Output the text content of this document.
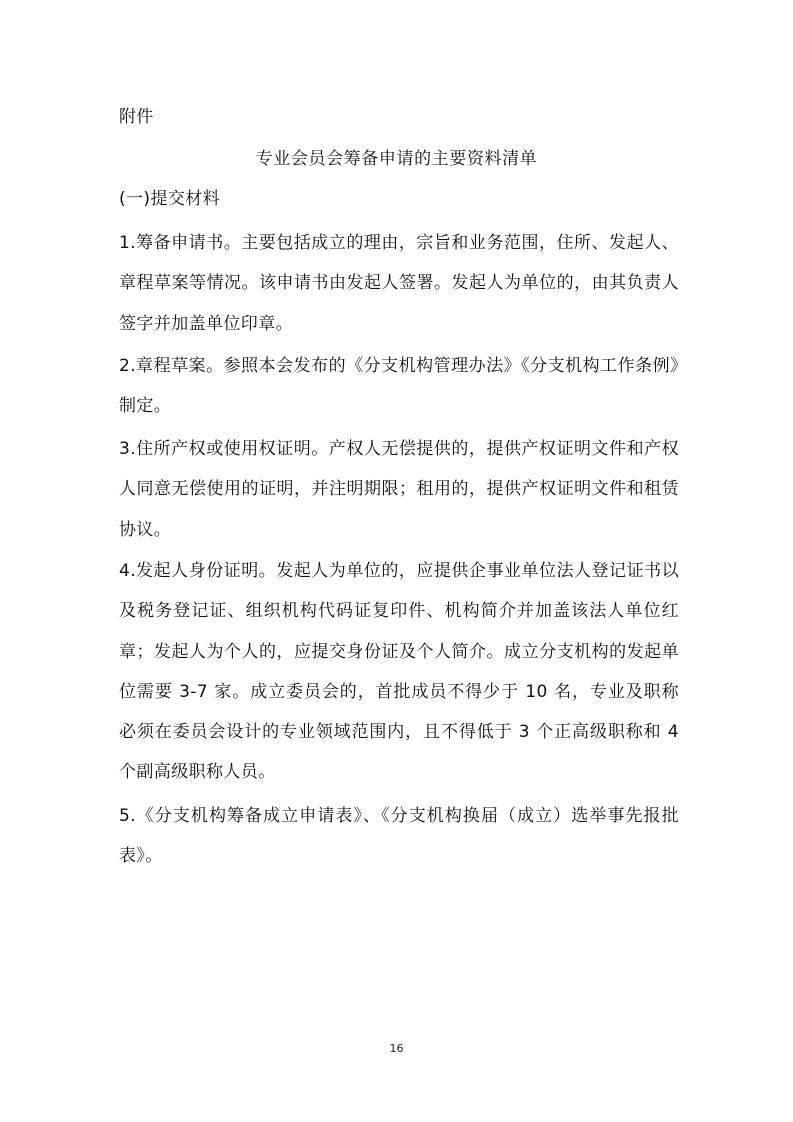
附件
专业会员会筹备申请的主要资料清单
(一)提交材料
1.筹备申请书。主要包括成立的理由，宗旨和业务范围，住所、发起人、章程草案等情况。该申请书由发起人签署。发起人为单位的，由其负责人签字并加盖单位印章。
2.章程草案。参照本会发布的《分支机构管理办法》《分支机构工作条例》制定。
3.住所产权或使用权证明。产权人无偿提供的，提供产权证明文件和产权人同意无偿使用的证明，并注明期限；租用的，提供产权证明文件和租赁协议。
4.发起人身份证明。发起人为单位的，应提供企事业单位法人登记证书以及税务登记证、组织机构代码证复印件、机构简介并加盖该法人单位红章；发起人为个人的，应提交身份证及个人简介。成立分支机构的发起单位需要 3-7 家。成立委员会的，首批成员不得少于 10 名，专业及职称必须在委员会设计的专业领域范围内，且不得低于 3 个正高级职称和 4 个副高级职称人员。
5.《分支机构筹备成立申请表》、《分支机构换届（成立）选举事先报批表》。
16
